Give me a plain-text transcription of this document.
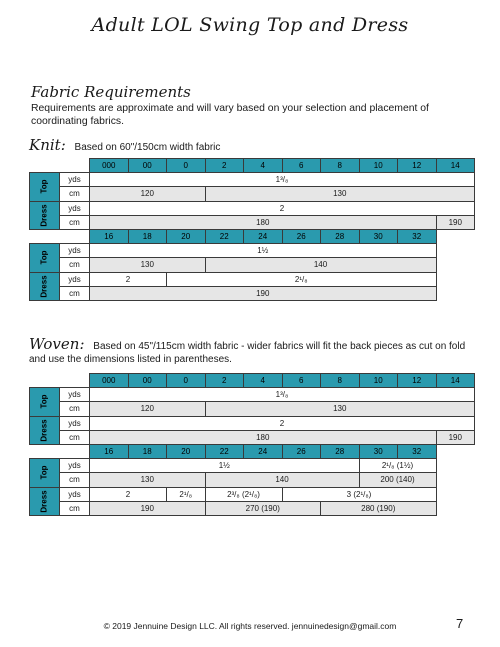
Adult LOL Swing Top and Dress
Fabric Requirements
Requirements are approximate and will vary based on your selection and placement of coordinating fabrics.
Knit: Based on 60"/150cm width fabric
		000	00	0	2	4	6	8	10	12	14
Top	yds	1³/₈									
	cm	120			130						
Dress	yds	2									
	cm	180									190
		16	18	20	22	24	26	28	30	32	
Top	yds	1½									
	cm	130			140						
Dress	yds	2		2¹/₈							
	cm	190									
Woven: Based on 45"/115cm width fabric - wider fabrics will fit the back pieces as cut on fold and use the dimensions listed in parentheses.
		000	00	0	2	4	6	8	10	12	14
Top	yds	1³/₈									
	cm	120			130						
Dress	yds	2									
	cm	180									190
		16	18	20	22	24	26	28	30	32	
Top	yds	1½							2¹/₈ (1½)		
	cm	130			140				200 (140)		
Dress	yds	2		2¹/₈	2³/₈ (2¹/₈)		3 (2¹/₈)				
	cm	190			270 (190)			280 (190)			
© 2019 Jennuine Design LLC. All rights reserved. jennuinedesign@gmail.com	7
